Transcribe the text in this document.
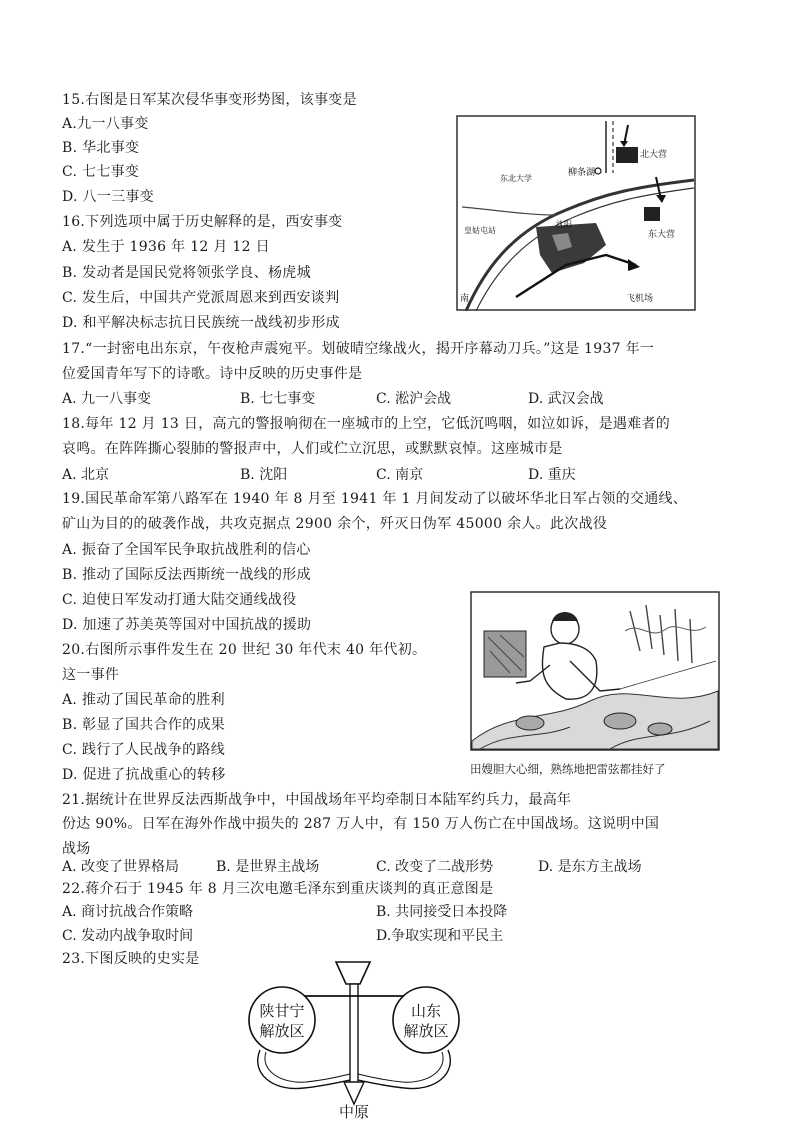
15.右图是日军某次侵华事变形势图，该事变是
A.九一八事变
B. 华北事变
C. 七七事变
D. 八一三事变
16.下列选项中属于历史解释的是，西安事变
A. 发生于 1936 年 12 月 12 日
B. 发动者是国民党将领张学良、杨虎城
C. 发生后，中国共产党派周恩来到西安谈判
D. 和平解决标志抗日民族统一战线初步形成
柳条湖
北大营
东北大学
皇姑屯站
沈阳
东大营
飞机场
南
17.“一封密电出东京，午夜枪声震宛平。划破晴空缘战火，揭开序幕动刀兵。”这是 1937 年一
位爱国青年写下的诗歌。诗中反映的历史事件是
A. 九一八事变	B. 七七事变	C. 淞沪会战	D. 武汉会战
18.每年 12 月 13 日，高亢的警报响彻在一座城市的上空，它低沉鸣咽，如泣如诉，是遇难者的
哀鸣。在阵阵撕心裂肺的警报声中，人们或伫立沉思，或默默哀悼。这座城市是
A. 北京	B. 沈阳	C. 南京	D. 重庆
19.国民革命军第八路军在 1940 年 8 月至 1941 年 1 月间发动了以破坏华北日军占领的交通线、
矿山为目的的破袭作战，共攻克据点 2900 余个，歼灭日伪军 45000 余人。此次战役
A. 振奋了全国军民争取抗战胜利的信心
B. 推动了国际反法西斯统一战线的形成
C. 迫使日军发动打通大陆交通线战役
D. 加速了苏美英等国对中国抗战的援助
20.右图所示事件发生在 20 世纪 30 年代末 40 年代初。
这一事件
A. 推动了国民革命的胜利
B. 彰显了国共合作的成果
C. 践行了人民战争的路线
D. 促进了抗战重心的转移	田嫂胆大心细，熟练地把雷弦都挂好了
21.据统计在世界反法西斯战争中，中国战场年平均牵制日本陆军约兵力，最高年
份达 90%。日军在海外作战中损失的 287 万人中，有 150 万人伤亡在中国战场。这说明中国
战场
A. 改变了世界格局	B. 是世界主战场	C. 改变了二战形势	D. 是东方主战场
22.蒋介石于 1945 年 8 月三次电邀毛泽东到重庆谈判的真正意图是
A. 商讨抗战合作策略	B. 共同接受日本投降
C. 发动内战争取时间	D.争取实现和平民主
23.下图反映的史实是
陕甘宁
解放区
山东
解放区
中原
